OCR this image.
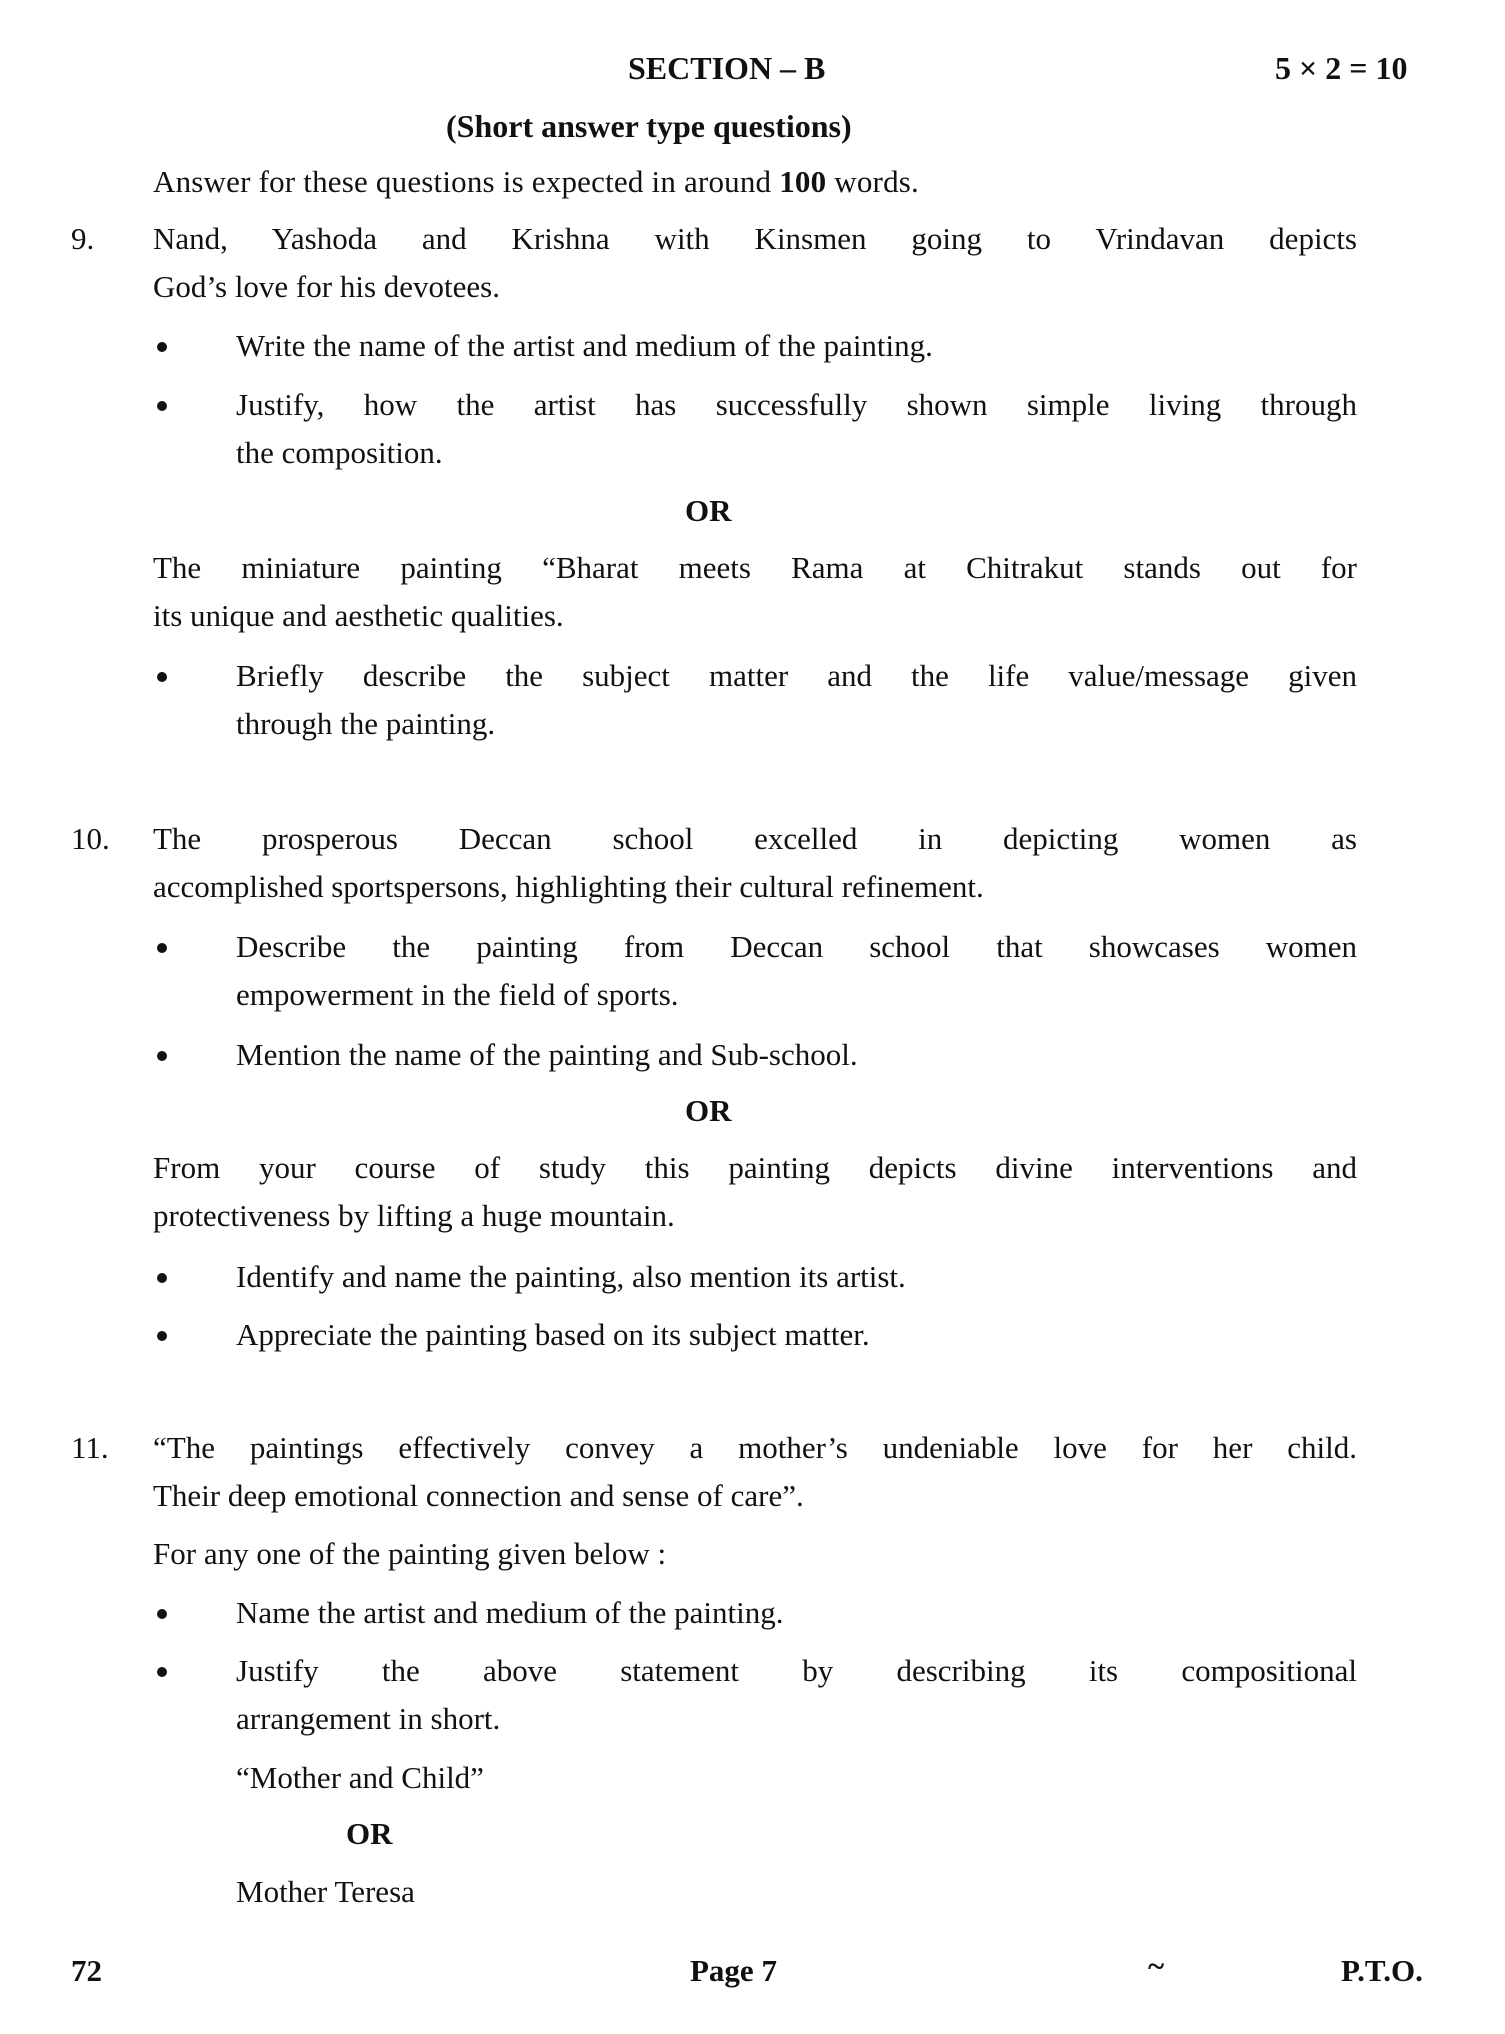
SECTION – B	5 × 2 = 10
(Short answer type questions)
Answer for these questions is expected in around 100 words.
9. Nand, Yashoda and Krishna with Kinsmen going to Vrindavan depicts
God’s love for his devotees.
Write the name of the artist and medium of the painting.
Justify, how the artist has successfully shown simple living through
the composition.
OR
The miniature painting “Bharat meets Rama at Chitrakut stands out for
its unique and aesthetic qualities.
Briefly describe the subject matter and the life value/message given
through the painting.
10. The prosperous Deccan school excelled in depicting women as
accomplished sportspersons, highlighting their cultural refinement.
Describe the painting from Deccan school that showcases women
empowerment in the field of sports.
Mention the name of the painting and Sub-school.
OR
From your course of study this painting depicts divine interventions and
protectiveness by lifting a huge mountain.
Identify and name the painting, also mention its artist.
Appreciate the painting based on its subject matter.
11. “The paintings effectively convey a mother’s undeniable love for her child.
Their deep emotional connection and sense of care”.
For any one of the painting given below :
Name the artist and medium of the painting.
Justify the above statement by describing its compositional
arrangement in short.
“Mother and Child”
OR
Mother Teresa
72	Page 7	~	P.T.O.
